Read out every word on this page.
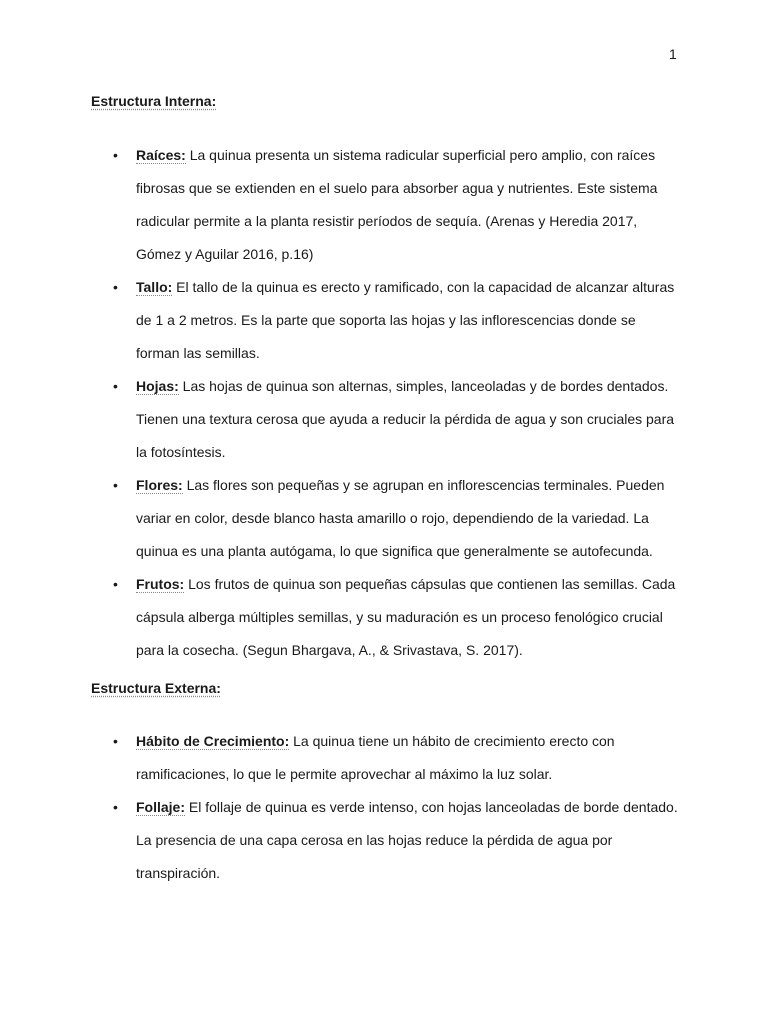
1
Estructura Interna:
• Raíces: La quinua presenta un sistema radicular superficial pero amplio, con raíces fibrosas que se extienden en el suelo para absorber agua y nutrientes. Este sistema radicular permite a la planta resistir períodos de sequía. (Arenas y Heredia 2017, Gómez y Aguilar 2016, p.16)
• Tallo: El tallo de la quinua es erecto y ramificado, con la capacidad de alcanzar alturas de 1 a 2 metros. Es la parte que soporta las hojas y las inflorescencias donde se forman las semillas.
• Hojas: Las hojas de quinua son alternas, simples, lanceoladas y de bordes dentados. Tienen una textura cerosa que ayuda a reducir la pérdida de agua y son cruciales para la fotosíntesis.
• Flores: Las flores son pequeñas y se agrupan en inflorescencias terminales. Pueden variar en color, desde blanco hasta amarillo o rojo, dependiendo de la variedad. La quinua es una planta autógama, lo que significa que generalmente se autofecunda.
• Frutos: Los frutos de quinua son pequeñas cápsulas que contienen las semillas. Cada cápsula alberga múltiples semillas, y su maduración es un proceso fenológico crucial para la cosecha. (Segun Bhargava, A., & Srivastava, S. 2017).
Estructura Externa:
• Hábito de Crecimiento: La quinua tiene un hábito de crecimiento erecto con ramificaciones, lo que le permite aprovechar al máximo la luz solar.
• Follaje: El follaje de quinua es verde intenso, con hojas lanceoladas de borde dentado. La presencia de una capa cerosa en las hojas reduce la pérdida de agua por transpiración.
